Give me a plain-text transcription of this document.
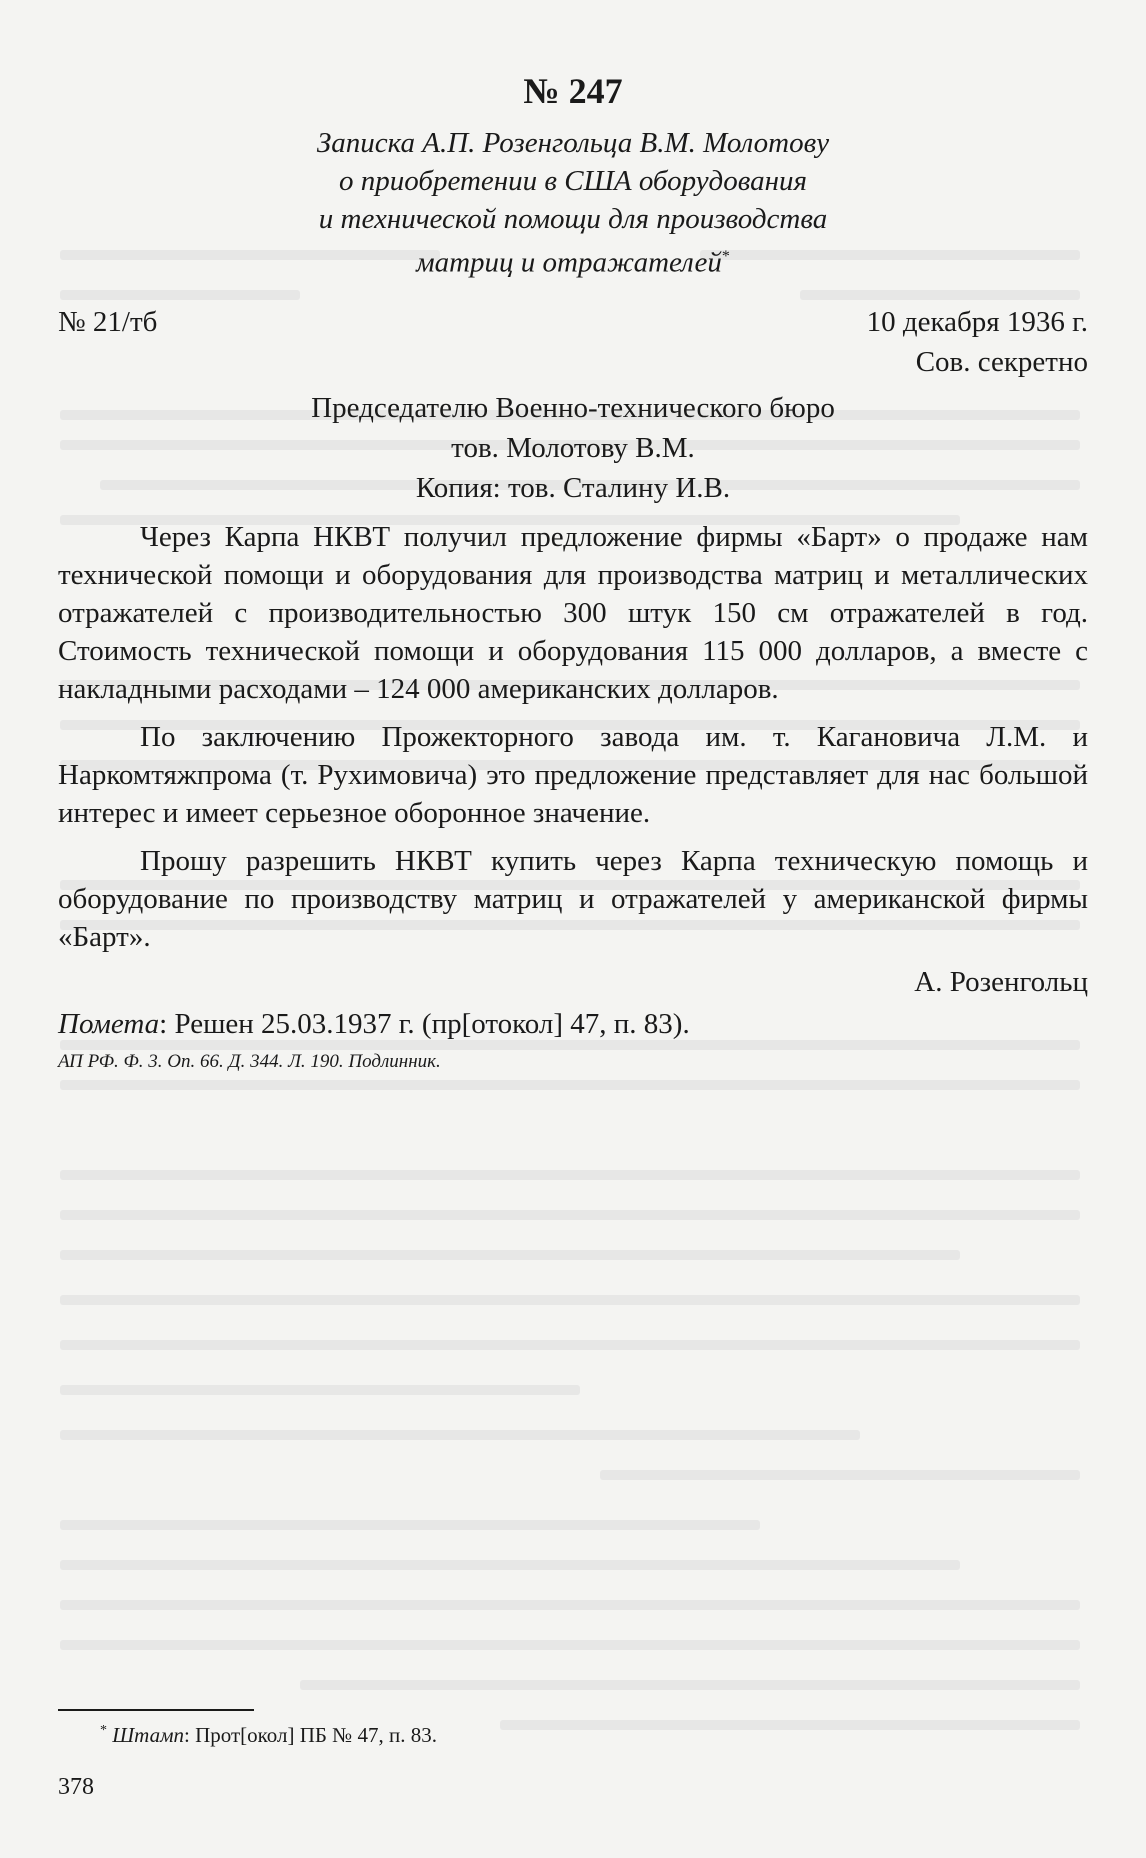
№ 247
Записка А.П. Розенгольца В.М. Молотову
о приобретении в США оборудования
и технической помощи для производства
матриц и отражателей*
№ 21/тб	10 декабря 1936 г.
Сов. секретно
Председателю Военно-технического бюро
тов. Молотову В.М.
Копия: тов. Сталину И.В.

Через Карпа НКВТ получил предложение фирмы «Барт» о продаже нам технической помощи и оборудования для производства матриц и металлических отражателей с производительностью 300 штук 150 см отражателей в год. Стоимость технической помощи и оборудования 115 000 долларов, а вместе с накладными расходами – 124 000 американских долларов.

По заключению Прожекторного завода им. т. Кагановича Л.М. и Наркомтяжпрома (т. Рухимовича) это предложение представляет для нас большой интерес и имеет серьезное оборонное значение.

Прошу разрешить НКВТ купить через Карпа техническую помощь и оборудование по производству матриц и отражателей у американской фирмы «Барт».

А. Розенгольц
Помета: Решен 25.03.1937 г. (пр[отокол] 47, п. 83).
АП РФ. Ф. 3. Оп. 66. Д. 344. Л. 190. Подлинник.
* Штамп: Прот[окол] ПБ № 47, п. 83.
378
